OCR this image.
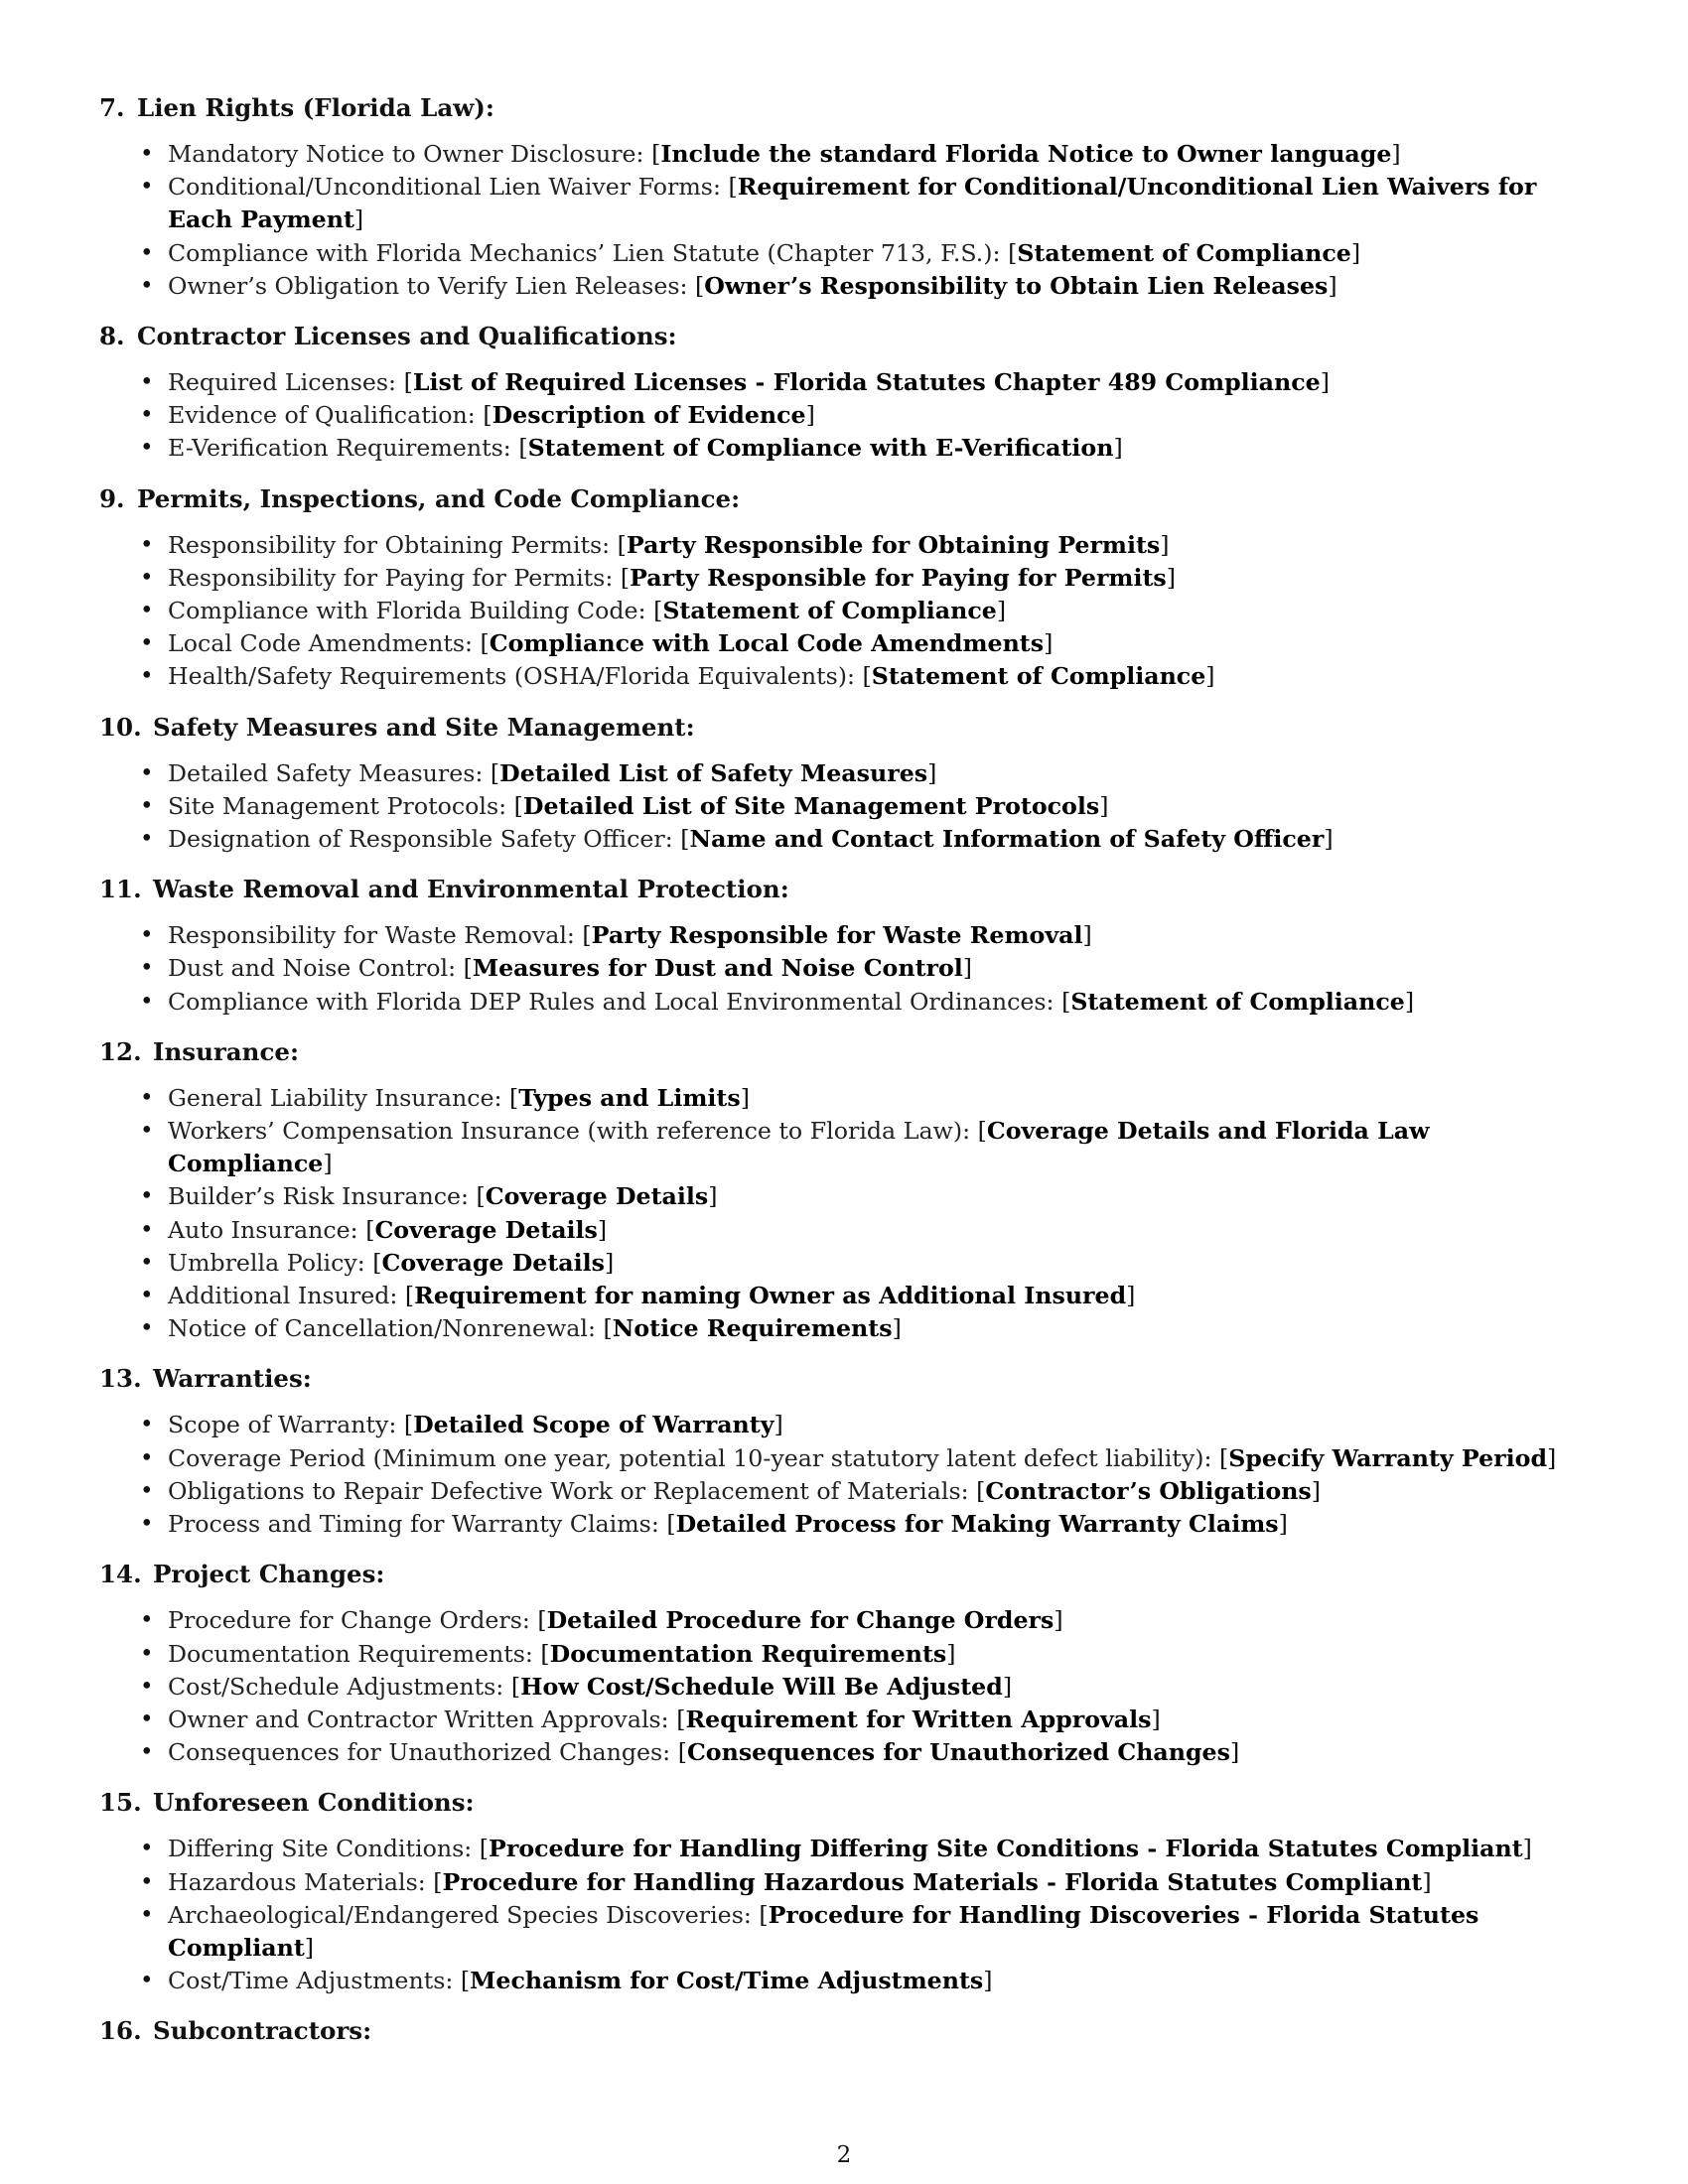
7. Lien Rights (Florida Law):
• Mandatory Notice to Owner Disclosure: [Include the standard Florida Notice to Owner language]
• Conditional/Unconditional Lien Waiver Forms: [Requirement for Conditional/Unconditional Lien Waivers for Each Payment]
• Compliance with Florida Mechanics’ Lien Statute (Chapter 713, F.S.): [Statement of Compliance]
• Owner’s Obligation to Verify Lien Releases: [Owner’s Responsibility to Obtain Lien Releases]
8. Contractor Licenses and Qualifications:
• Required Licenses: [List of Required Licenses - Florida Statutes Chapter 489 Compliance]
• Evidence of Qualification: [Description of Evidence]
• E-Verification Requirements: [Statement of Compliance with E-Verification]
9. Permits, Inspections, and Code Compliance:
• Responsibility for Obtaining Permits: [Party Responsible for Obtaining Permits]
• Responsibility for Paying for Permits: [Party Responsible for Paying for Permits]
• Compliance with Florida Building Code: [Statement of Compliance]
• Local Code Amendments: [Compliance with Local Code Amendments]
• Health/Safety Requirements (OSHA/Florida Equivalents): [Statement of Compliance]
10. Safety Measures and Site Management:
• Detailed Safety Measures: [Detailed List of Safety Measures]
• Site Management Protocols: [Detailed List of Site Management Protocols]
• Designation of Responsible Safety Officer: [Name and Contact Information of Safety Officer]
11. Waste Removal and Environmental Protection:
• Responsibility for Waste Removal: [Party Responsible for Waste Removal]
• Dust and Noise Control: [Measures for Dust and Noise Control]
• Compliance with Florida DEP Rules and Local Environmental Ordinances: [Statement of Compliance]
12. Insurance:
• General Liability Insurance: [Types and Limits]
• Workers’ Compensation Insurance (with reference to Florida Law): [Coverage Details and Florida Law Compliance]
• Builder’s Risk Insurance: [Coverage Details]
• Auto Insurance: [Coverage Details]
• Umbrella Policy: [Coverage Details]
• Additional Insured: [Requirement for naming Owner as Additional Insured]
• Notice of Cancellation/Nonrenewal: [Notice Requirements]
13. Warranties:
• Scope of Warranty: [Detailed Scope of Warranty]
• Coverage Period (Minimum one year, potential 10-year statutory latent defect liability): [Specify Warranty Period]
• Obligations to Repair Defective Work or Replacement of Materials: [Contractor’s Obligations]
• Process and Timing for Warranty Claims: [Detailed Process for Making Warranty Claims]
14. Project Changes:
• Procedure for Change Orders: [Detailed Procedure for Change Orders]
• Documentation Requirements: [Documentation Requirements]
• Cost/Schedule Adjustments: [How Cost/Schedule Will Be Adjusted]
• Owner and Contractor Written Approvals: [Requirement for Written Approvals]
• Consequences for Unauthorized Changes: [Consequences for Unauthorized Changes]
15. Unforeseen Conditions:
• Differing Site Conditions: [Procedure for Handling Differing Site Conditions - Florida Statutes Compliant]
• Hazardous Materials: [Procedure for Handling Hazardous Materials - Florida Statutes Compliant]
• Archaeological/Endangered Species Discoveries: [Procedure for Handling Discoveries - Florida Statutes Compliant]
• Cost/Time Adjustments: [Mechanism for Cost/Time Adjustments]
16. Subcontractors:
2
